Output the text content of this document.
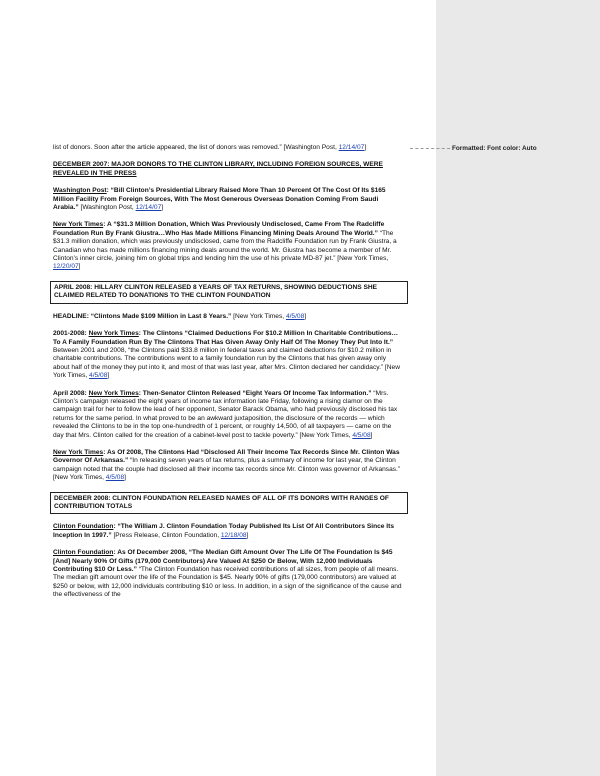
Formatted: Font color: Auto

list of donors. Soon after the article appeared, the list of donors was removed.” [Washington Post, 12/14/07]

DECEMBER 2007: MAJOR DONORS TO THE CLINTON LIBRARY, INCLUDING FOREIGN SOURCES, WERE REVEALED IN THE PRESS

Washington Post: “Bill Clinton’s Presidential Library Raised More Than 10 Percent Of The Cost Of Its $165 Million Facility From Foreign Sources, With The Most Generous Overseas Donation Coming From Saudi Arabia.” [Washington Post, 12/14/07]

New York Times: A “$31.3 Million Donation, Which Was Previously Undisclosed, Came From The Radcliffe Foundation Run By Frank Giustra…Who Has Made Millions Financing Mining Deals Around The World.” “The $31.3 million donation, which was previously undisclosed, came from the Radcliffe Foundation run by Frank Giustra, a Canadian who has made millions financing mining deals around the world. Mr. Giustra has become a member of Mr. Clinton’s inner circle, joining him on global trips and lending him the use of his private MD-87 jet.” [New York Times, 12/20/07]

APRIL 2008: HILLARY CLINTON RELEASED 8 YEARS OF TAX RETURNS, SHOWING DEDUCTIONS SHE CLAIMED RELATED TO DONATIONS TO THE CLINTON FOUNDATION

HEADLINE: “Clintons Made $109 Million in Last 8 Years.” [New York Times, 4/5/08]

2001-2008: New York Times: The Clintons “Claimed Deductions For $10.2 Million In Charitable Contributions…To A Family Foundation Run By The Clintons That Has Given Away Only Half Of The Money They Put Into It.” Between 2001 and 2008, “the Clintons paid $33.8 million in federal taxes and claimed deductions for $10.2 million in charitable contributions. The contributions went to a family foundation run by the Clintons that has given away only about half of the money they put into it, and most of that was last year, after Mrs. Clinton declared her candidacy.” [New York Times, 4/5/08]

April 2008: New York Times: Then-Senator Clinton Released “Eight Years Of Income Tax Information.” “Mrs. Clinton’s campaign released the eight years of income tax information late Friday, following a rising clamor on the campaign trail for her to follow the lead of her opponent, Senator Barack Obama, who had previously disclosed his tax returns for the same period. In what proved to be an awkward juxtaposition, the disclosure of the records — which revealed the Clintons to be in the top one-hundredth of 1 percent, or roughly 14,500, of all taxpayers — came on the day that Mrs. Clinton called for the creation of a cabinet-level post to tackle poverty.” [New York Times, 4/5/08]

New York Times: As Of 2008, The Clintons Had “Disclosed All Their Income Tax Records Since Mr. Clinton Was Governor Of Arkansas.” “In releasing seven years of tax returns, plus a summary of income for last year, the Clinton campaign noted that the couple had disclosed all their income tax records since Mr. Clinton was governor of Arkansas.” [New York Times, 4/5/08]

DECEMBER 2008: CLINTON FOUNDATION RELEASED NAMES OF ALL OF ITS DONORS WITH RANGES OF CONTRIBUTION TOTALS

Clinton Foundation: “The William J. Clinton Foundation Today Published Its List Of All Contributors Since Its Inception In 1997.” [Press Release, Clinton Foundation, 12/18/08]

Clinton Foundation: As Of December 2008, “The Median Gift Amount Over The Life Of The Foundation Is $45 [And] Nearly 90% Of Gifts (179,000 Contributors) Are Valued At $250 Or Below, With 12,000 Individuals Contributing $10 Or Less.” “The Clinton Foundation has received contributions of all sizes, from people of all means. The median gift amount over the life of the Foundation is $45. Nearly 90% of gifts (179,000 contributors) are valued at $250 or below, with 12,000 individuals contributing $10 or less. In addition, in a sign of the significance of the cause and the effectiveness of the
